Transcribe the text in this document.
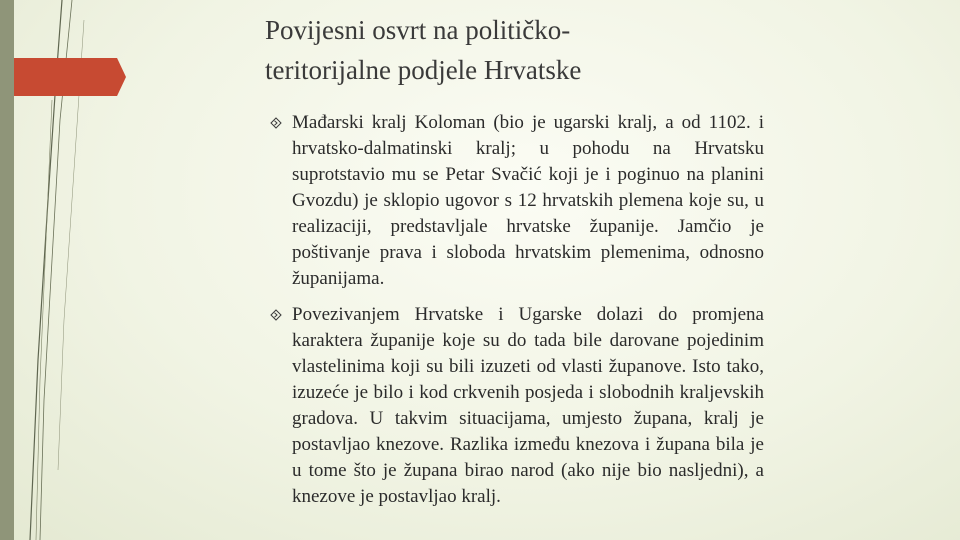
Povijesni osvrt na političko-
teritorijalne podjele Hrvatske

Mađarski kralj Koloman (bio je ugarski kralj, a od 1102. i hrvatsko-dalmatinski kralj; u pohodu na Hrvatsku suprotstavio mu se Petar Svačić koji je i poginuo na planini Gvozdu) je sklopio ugovor s 12 hrvatskih plemena koje su, u realizaciji, predstavljale hrvatske županije. Jamčio je poštivanje prava i sloboda hrvatskim plemenima, odnosno županijama.

Povezivanjem Hrvatske i Ugarske dolazi do promjena karaktera županije koje su do tada bile darovane pojedinim vlastelinima koji su bili izuzeti od vlasti županove. Isto tako, izuzeće je bilo i kod crkvenih posjeda i slobodnih kraljevskih gradova. U takvim situacijama, umjesto župana, kralj je postavljao knezove. Razlika između knezova i župana bila je u tome što je župana birao narod (ako nije bio nasljedni), a knezove je postavljao kralj.
